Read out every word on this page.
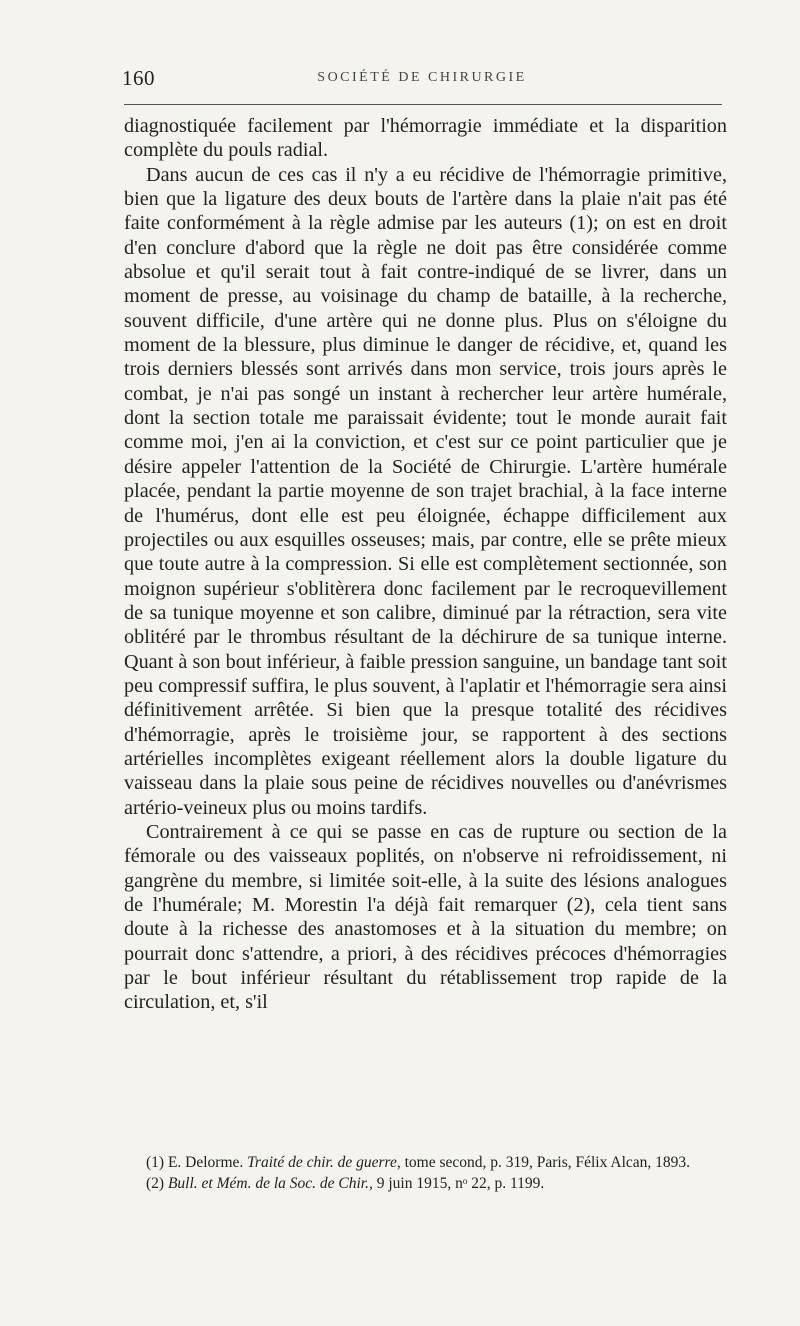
160	SOCIÉTÉ DE CHIRURGIE

diagnostiquée facilement par l'hémorragie immédiate et la disparition complète du pouls radial.

Dans aucun de ces cas il n'y a eu récidive de l'hémorragie primitive, bien que la ligature des deux bouts de l'artère dans la plaie n'ait pas été faite conformément à la règle admise par les auteurs (1); on est en droit d'en conclure d'abord que la règle ne doit pas être considérée comme absolue et qu'il serait tout à fait contre-indiqué de se livrer, dans un moment de presse, au voisinage du champ de bataille, à la recherche, souvent difficile, d'une artère qui ne donne plus. Plus on s'éloigne du moment de la blessure, plus diminue le danger de récidive, et, quand les trois derniers blessés sont arrivés dans mon service, trois jours après le combat, je n'ai pas songé un instant à rechercher leur artère humérale, dont la section totale me paraissait évidente; tout le monde aurait fait comme moi, j'en ai la conviction, et c'est sur ce point particulier que je désire appeler l'attention de la Société de Chirurgie. L'artère humérale placée, pendant la partie moyenne de son trajet brachial, à la face interne de l'humérus, dont elle est peu éloignée, échappe difficilement aux projectiles ou aux esquilles osseuses; mais, par contre, elle se prête mieux que toute autre à la compression. Si elle est complètement sectionnée, son moignon supérieur s'oblitèrera donc facilement par le recroquevillement de sa tunique moyenne et son calibre, diminué par la rétraction, sera vite oblitéré par le thrombus résultant de la déchirure de sa tunique interne. Quant à son bout inférieur, à faible pression sanguine, un bandage tant soit peu compressif suffira, le plus souvent, à l'aplatir et l'hémorragie sera ainsi définitivement arrêtée. Si bien que la presque totalité des récidives d'hémorragie, après le troisième jour, se rapportent à des sections artérielles incomplètes exigeant réellement alors la double ligature du vaisseau dans la plaie sous peine de récidives nouvelles ou d'anévrismes artério-veineux plus ou moins tardifs.

Contrairement à ce qui se passe en cas de rupture ou section de la fémorale ou des vaisseaux poplités, on n'observe ni refroidissement, ni gangrène du membre, si limitée soit-elle, à la suite des lésions analogues de l'humérale; M. Morestin l'a déjà fait remarquer (2), cela tient sans doute à la richesse des anastomoses et à la situation du membre; on pourrait donc s'attendre, a priori, à des récidives précoces d'hémorragies par le bout inférieur résultant du rétablissement trop rapide de la circulation, et, s'il

(1) E. Delorme. Traité de chir. de guerre, tome second, p. 319, Paris, Félix Alcan, 1893.

(2) Bull. et Mém. de la Soc. de Chir., 9 juin 1915, nᵒ 22, p. 1199.
